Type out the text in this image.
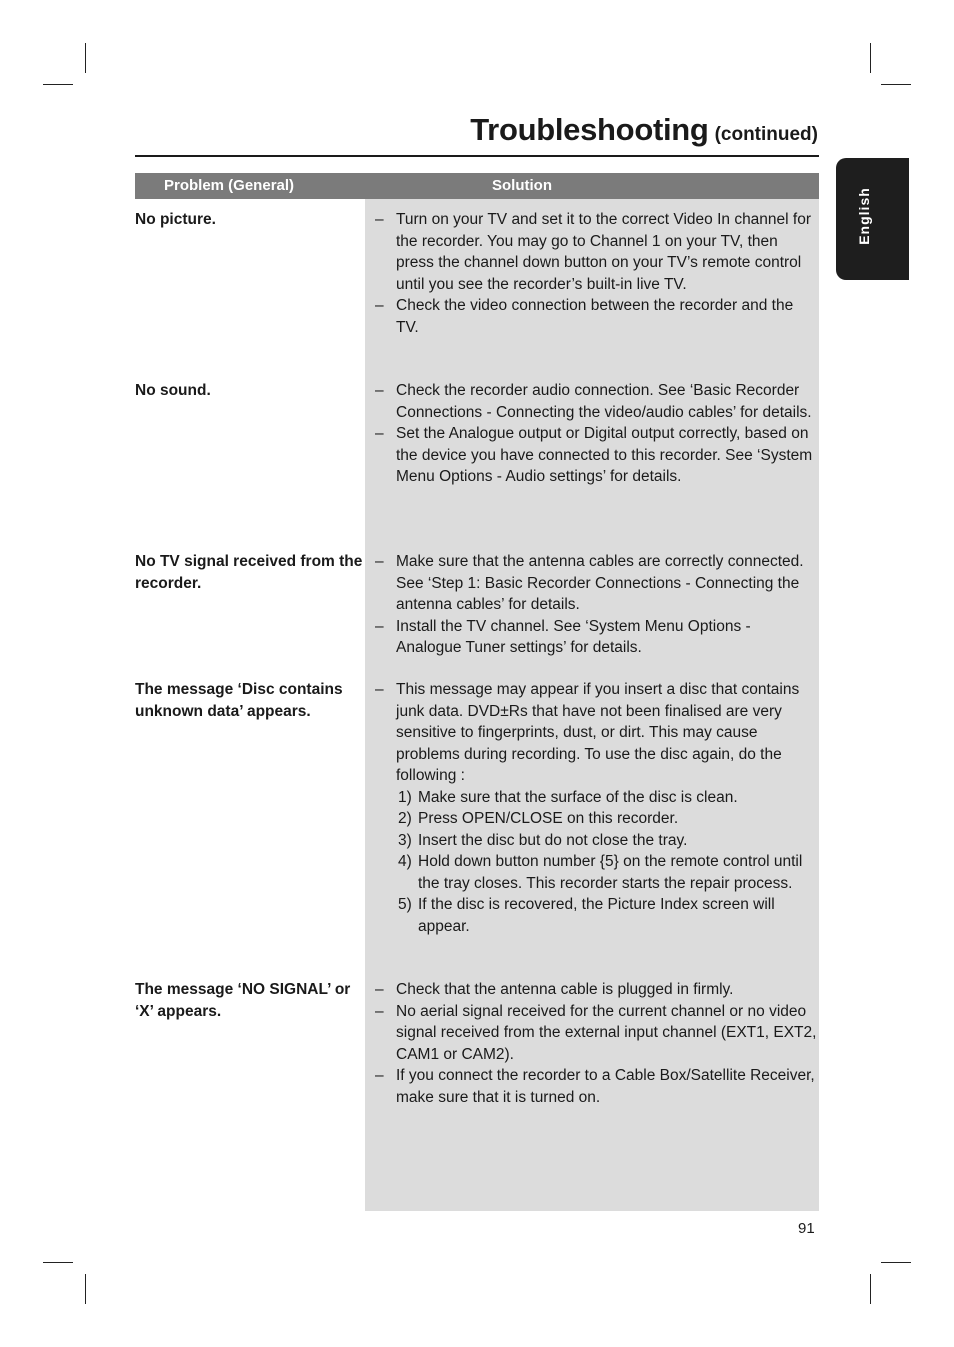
Troubleshooting (continued)
English
Problem (General)	Solution
No picture.	– Turn on your TV and set it to the correct Video In channel for the recorder. You may go to Channel 1 on your TV, then press the channel down button on your TV’s remote control until you see the recorder’s built-in live TV.
– Check the video connection between the recorder and the TV.
No sound.	– Check the recorder audio connection. See ‘Basic Recorder Connections - Connecting the video/audio cables’ for details.
– Set the Analogue output or Digital output correctly, based on the device you have connected to this recorder. See ‘System Menu Options - Audio settings’ for details.
No TV signal received from the recorder.
– Make sure that the antenna cables are correctly connected. See ‘Step 1: Basic Recorder Connections - Connecting the antenna cables’ for details.
– Install the TV channel. See ‘System Menu Options - Analogue Tuner settings’ for details.
The message ‘Disc contains unknown data’ appears.
– This message may appear if you insert a disc that contains junk data. DVD±Rs that have not been finalised are very sensitive to fingerprints, dust, or dirt. This may cause problems during recording. To use the disc again, do the following :
1) Make sure that the surface of the disc is clean.
2) Press OPEN/CLOSE on this recorder.
3) Insert the disc but do not close the tray.
4) Hold down button number {5} on the remote control until the tray closes. This recorder starts the repair process.
5) If the disc is recovered, the Picture Index screen will appear.
The message ‘NO SIGNAL’ or ‘X’ appears.
– Check that the antenna cable is plugged in firmly.
– No aerial signal received for the current channel or no video signal received from the external input channel (EXT1, EXT2, CAM1 or CAM2).
– If you connect the recorder to a Cable Box/Satellite Receiver, make sure that it is turned on.
91
